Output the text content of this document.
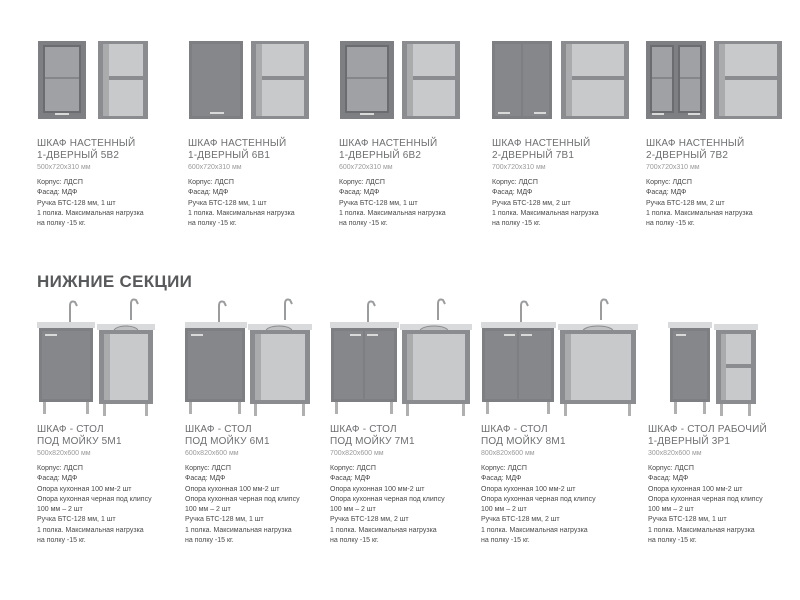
ШКАФ НАСТЕННЫЙ
1-ДВЕРНЫЙ 5В2
500х720х310 мм
Корпус: ЛДСП
Фасад: МДФ
Ручка БТС-128 мм, 1 шт
1 полка. Максимальная нагрузка
на полку -15 кг.
ШКАФ НАСТЕННЫЙ
1-ДВЕРНЫЙ 6В1
600х720х310 мм
Корпус: ЛДСП
Фасад: МДФ
Ручка БТС-128 мм, 1 шт
1 полка. Максимальная нагрузка
на полку -15 кг.
ШКАФ НАСТЕННЫЙ
1-ДВЕРНЫЙ 6В2
600х720х310 мм
Корпус: ЛДСП
Фасад: МДФ
Ручка БТС-128 мм, 1 шт
1 полка. Максимальная нагрузка
на полку -15 кг.
ШКАФ НАСТЕННЫЙ
2-ДВЕРНЫЙ 7В1
700х720х310 мм
Корпус: ЛДСП
Фасад: МДФ
Ручка БТС-128 мм, 2 шт
1 полка. Максимальная нагрузка
на полку -15 кг.
ШКАФ НАСТЕННЫЙ
2-ДВЕРНЫЙ 7В2
700х720х310 мм
Корпус: ЛДСП
Фасад: МДФ
Ручка БТС-128 мм, 2 шт
1 полка. Максимальная нагрузка
на полку -15 кг.
НИЖНИЕ СЕКЦИИ
ШКАФ - СТОЛ
ПОД МОЙКУ 5М1
500х820х600 мм
Корпус: ЛДСП
Фасад: МДФ
Опора кухонная 100 мм-2 шт
Опора кухонная черная под клипсу
100 мм – 2 шт
Ручка БТС-128 мм, 1 шт
1 полка. Максимальная нагрузка
на полку -15 кг.
ШКАФ - СТОЛ
ПОД МОЙКУ 6М1
600х820х600 мм
Корпус: ЛДСП
Фасад: МДФ
Опора кухонная 100 мм-2 шт
Опора кухонная черная под клипсу
100 мм – 2 шт
Ручка БТС-128 мм, 1 шт
1 полка. Максимальная нагрузка
на полку -15 кг.
ШКАФ - СТОЛ
ПОД МОЙКУ 7М1
700х820х600 мм
Корпус: ЛДСП
Фасад: МДФ
Опора кухонная 100 мм-2 шт
Опора кухонная черная под клипсу
100 мм – 2 шт
Ручка БТС-128 мм, 2 шт
1 полка. Максимальная нагрузка
на полку -15 кг.
ШКАФ - СТОЛ
ПОД МОЙКУ 8М1
800х820х600 мм
Корпус: ЛДСП
Фасад: МДФ
Опора кухонная 100 мм-2 шт
Опора кухонная черная под клипсу
100 мм – 2 шт
Ручка БТС-128 мм, 2 шт
1 полка. Максимальная нагрузка
на полку -15 кг.
ШКАФ - СТОЛ РАБОЧИЙ
1-ДВЕРНЫЙ 3Р1
300х820х600 мм
Корпус: ЛДСП
Фасад: МДФ
Опора кухонная 100 мм-2 шт
Опора кухонная черная под клипсу
100 мм – 2 шт
Ручка БТС-128 мм, 1 шт
1 полка. Максимальная нагрузка
на полку -15 кг.
